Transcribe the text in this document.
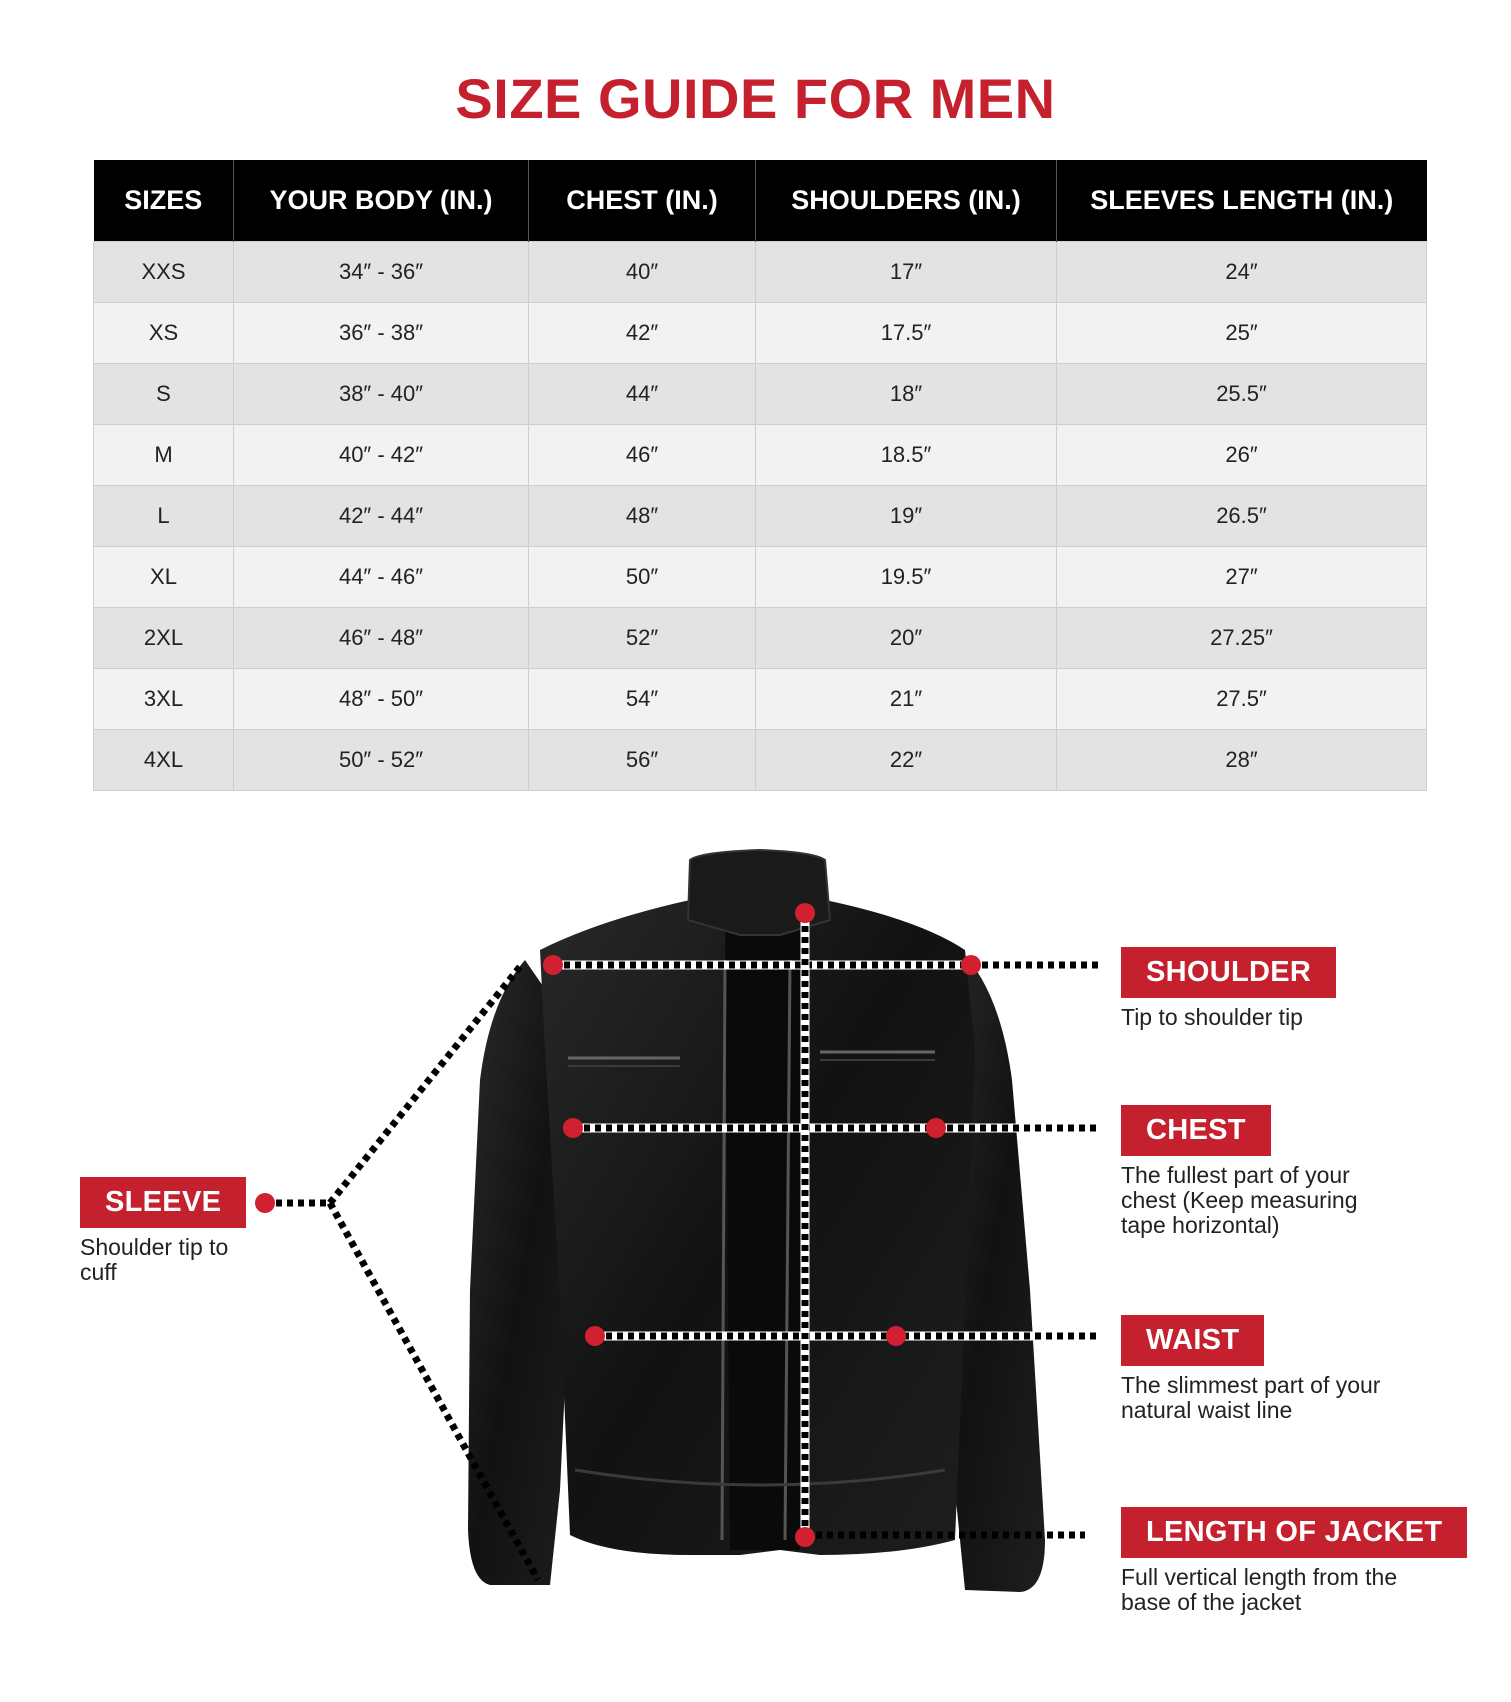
SIZE GUIDE FOR MEN
SIZES	YOUR BODY (IN.)	CHEST (IN.)	SHOULDERS (IN.)	SLEEVES LENGTH (IN.)
XXS	34″ - 36″	40″	17″	24″
XS	36″ - 38″	42″	17.5″	25″
S	38″ - 40″	44″	18″	25.5″
M	40″ - 42″	46″	18.5″	26″
L	42″ - 44″	48″	19″	26.5″
XL	44″ - 46″	50″	19.5″	27″
2XL	46″ - 48″	52″	20″	27.25″
3XL	48″ - 50″	54″	21″	27.5″
4XL	50″ - 52″	56″	22″	28″
SHOULDER
Tip to shoulder tip
CHEST
The fullest part of your chest (Keep measuring tape horizontal)
WAIST
The slimmest part of your natural waist line
LENGTH OF JACKET
Full vertical length from the base of the jacket
SLEEVE
Shoulder tip to cuff
